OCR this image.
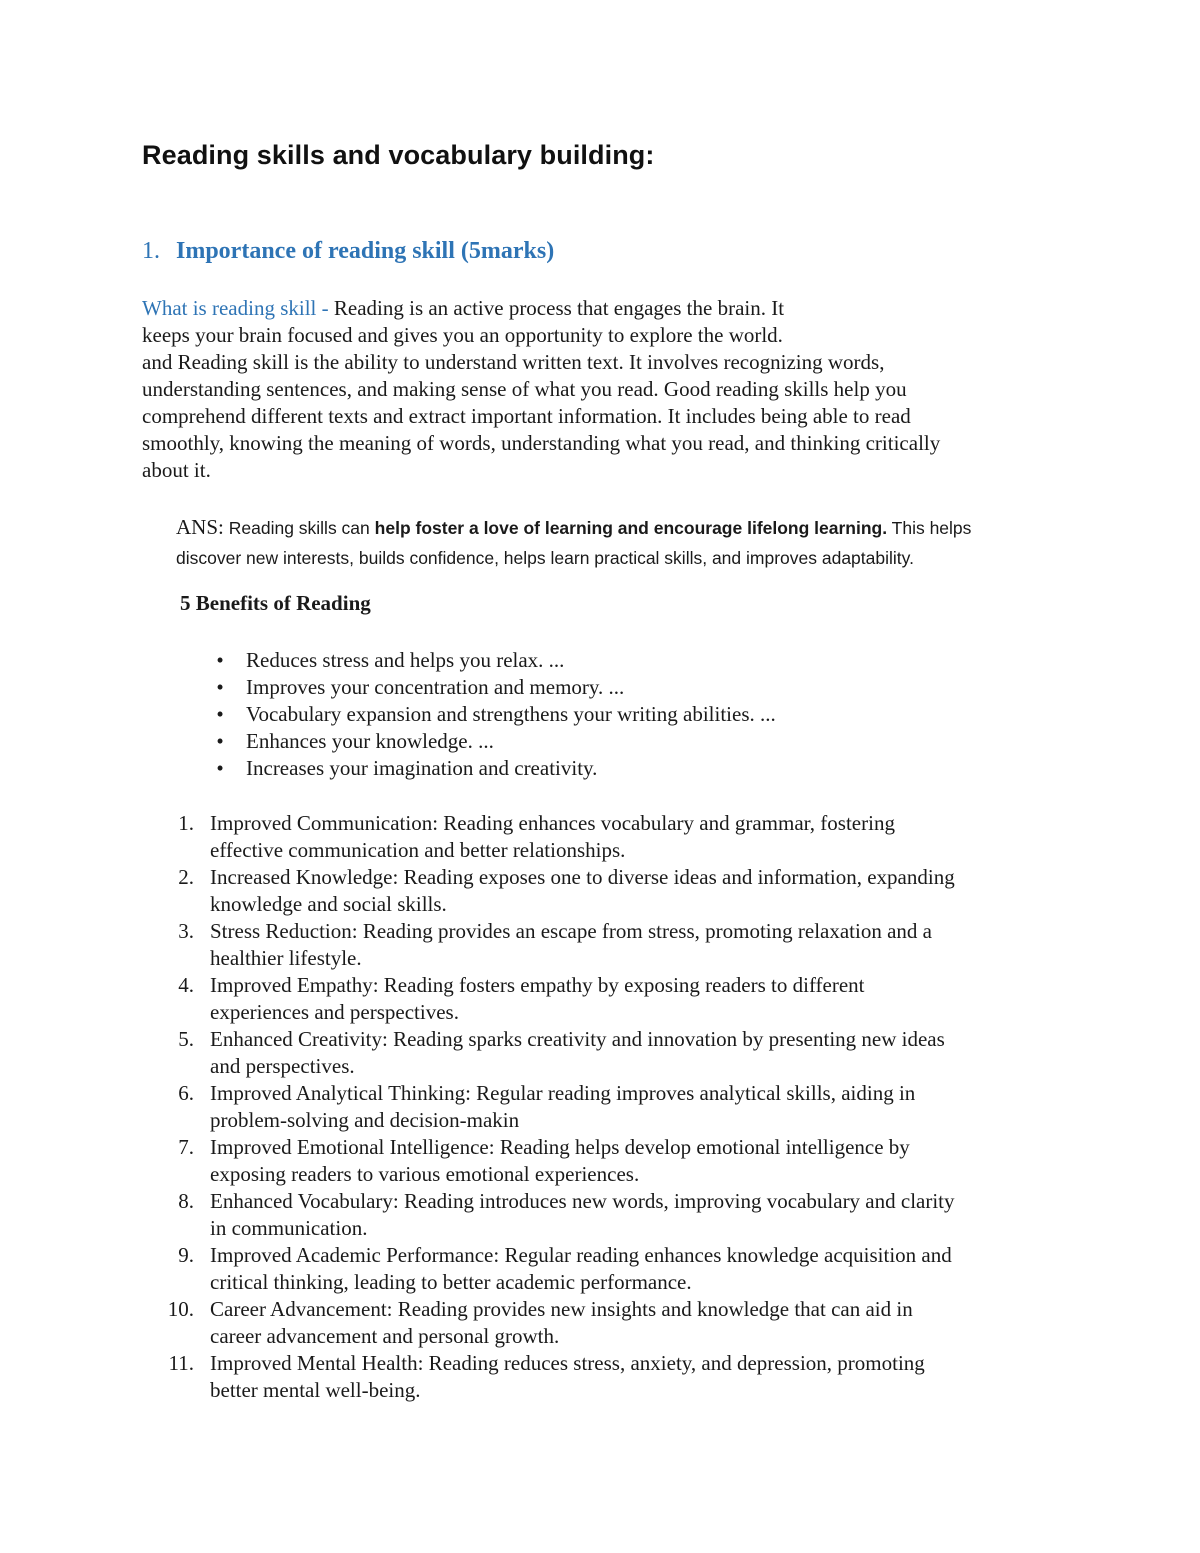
Reading skills and vocabulary building:
1. Importance of reading skill (5marks)

What is reading skill - Reading is an active process that engages the brain. It
keeps your brain focused and gives you an opportunity to explore the world.
and Reading skill is the ability to understand written text. It involves recognizing words,
understanding sentences, and making sense of what you read. Good reading skills help you
comprehend different texts and extract important information. It includes being able to read
smoothly, knowing the meaning of words, understanding what you read, and thinking critically
about it.

ANS: Reading skills can help foster a love of learning and encourage lifelong learning. This helps
discover new interests, builds confidence, helps learn practical skills, and improves adaptability.

5 Benefits of Reading
•	Reduces stress and helps you relax. ...
•	Improves your concentration and memory. ...
•	Vocabulary expansion and strengthens your writing abilities. ...
•	Enhances your knowledge. ...
•	Increases your imagination and creativity.
1. Improved Communication: Reading enhances vocabulary and grammar, fostering
effective communication and better relationships.
2. Increased Knowledge: Reading exposes one to diverse ideas and information, expanding
knowledge and social skills.
3. Stress Reduction: Reading provides an escape from stress, promoting relaxation and a
healthier lifestyle.
4. Improved Empathy: Reading fosters empathy by exposing readers to different
experiences and perspectives.
5. Enhanced Creativity: Reading sparks creativity and innovation by presenting new ideas
and perspectives.
6. Improved Analytical Thinking: Regular reading improves analytical skills, aiding in
problem-solving and decision-makin
7. Improved Emotional Intelligence: Reading helps develop emotional intelligence by
exposing readers to various emotional experiences.
8. Enhanced Vocabulary: Reading introduces new words, improving vocabulary and clarity
in communication.
9. Improved Academic Performance: Regular reading enhances knowledge acquisition and
critical thinking, leading to better academic performance.
10. Career Advancement: Reading provides new insights and knowledge that can aid in
career advancement and personal growth.
11. Improved Mental Health: Reading reduces stress, anxiety, and depression, promoting
better mental well-being.
